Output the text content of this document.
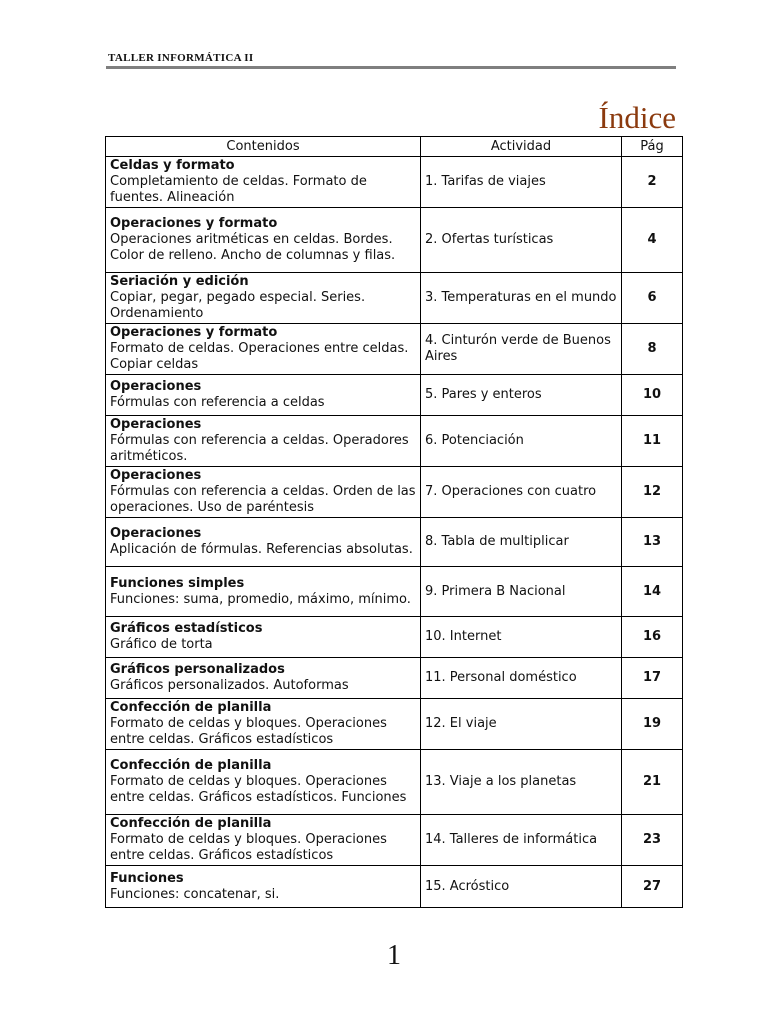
TALLER INFORMÁTICA II
Índice
Contenidos	Actividad	Pág

Celdas y formato
Completamiento de celdas. Formato de fuentes. Alineación	1. Tarifas de viajes	2

Operaciones y formato
Operaciones aritméticas en celdas. Bordes. Color de relleno. Ancho de columnas y filas.	2. Ofertas turísticas	4

Seriación y edición
Copiar, pegar, pegado especial. Series. Ordenamiento	3. Temperaturas en el mundo	6

Operaciones y formato
Formato de celdas. Operaciones entre celdas. Copiar celdas	4. Cinturón verde de Buenos Aires	8

Operaciones
Fórmulas con referencia a celdas	5. Pares y enteros	10

Operaciones
Fórmulas con referencia a celdas. Operadores aritméticos.	6. Potenciación	11

Operaciones
Fórmulas con referencia a celdas. Orden de las operaciones. Uso de paréntesis	7. Operaciones con cuatro	12

Operaciones
Aplicación de fórmulas. Referencias absolutas.	8. Tabla de multiplicar	13

Funciones simples
Funciones: suma, promedio, máximo, mínimo.	9. Primera B Nacional	14

Gráficos estadísticos
Gráfico de torta	10. Internet	16

Gráficos personalizados
Gráficos personalizados. Autoformas	11. Personal doméstico	17

Confección de planilla
Formato de celdas y bloques. Operaciones entre celdas. Gráficos estadísticos	12. El viaje	19

Confección de planilla
Formato de celdas y bloques. Operaciones entre celdas. Gráficos estadísticos. Funciones	13. Viaje a los planetas	21

Confección de planilla
Formato de celdas y bloques. Operaciones entre celdas. Gráficos estadísticos	14. Talleres de informática	23

Funciones
Funciones: concatenar, si.	15. Acróstico	27
1
